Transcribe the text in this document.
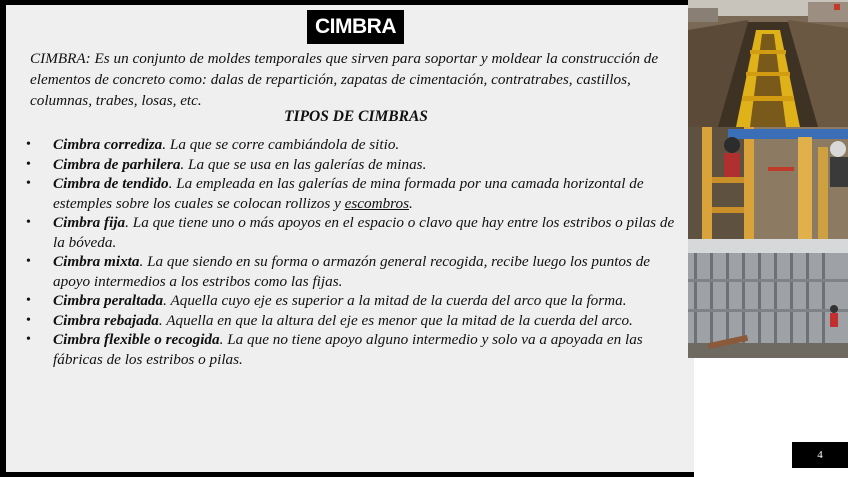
CIMBRA

CIMBRA: Es un conjunto de moldes temporales que sirven para soportar y moldear la construcción de elementos de concreto como: dalas de repartición, zapatas de cimentación, contratrabes, castillos, columnas, trabes, losas, etc.

TIPOS DE CIMBRAS

• Cimbra corrediza. La que se corre cambiándola de sitio.
• Cimbra de parhilera. La que se usa en las galerías de minas.
• Cimbra de tendido. La empleada en las galerías de mina formada por una camada horizontal de estemples sobre los cuales se colocan rollizos y escombros.
• Cimbra fija. La que tiene uno o más apoyos en el espacio o clavo que hay entre los estribos o pilas de la bóveda.
• Cimbra mixta. La que siendo en su forma o armazón general recogida, recibe luego los puntos de apoyo intermedios a los estribos como las fijas.
• Cimbra peraltada. Aquella cuyo eje es superior a la mitad de la cuerda del arco que la forma.
• Cimbra rebajada. Aquella en que la altura del eje es menor que la mitad de la cuerda del arco.
• Cimbra flexible o recogida. La que no tiene apoyo alguno intermedio y solo va a apoyada en las fábricas de los estribos o pilas.
4
